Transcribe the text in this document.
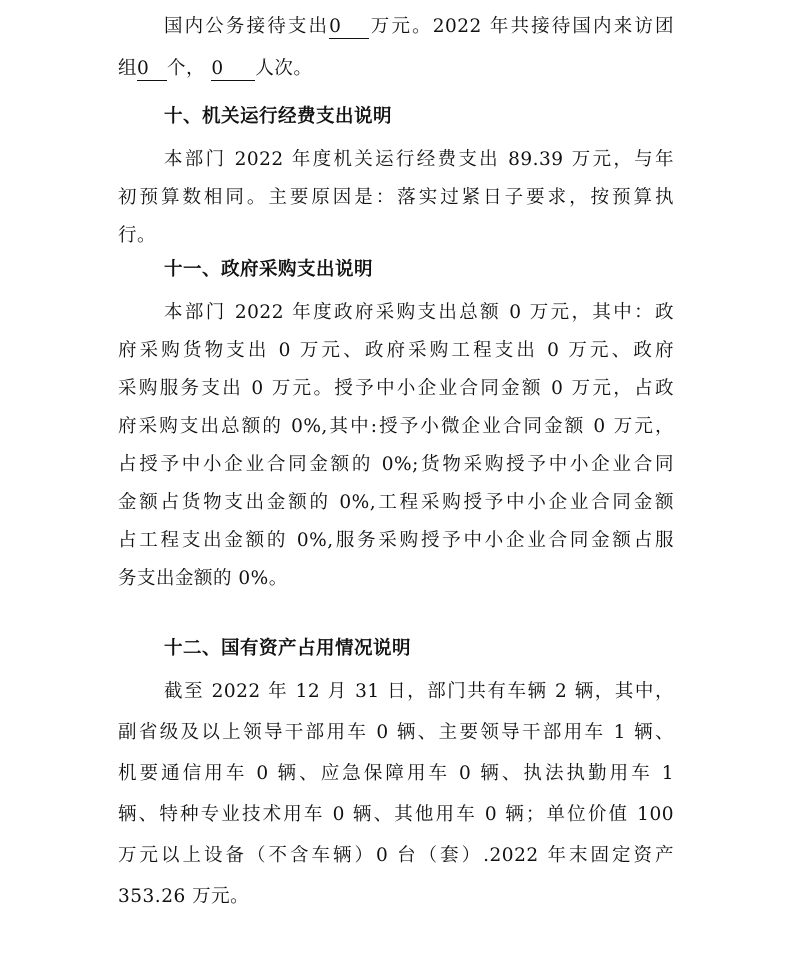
国内公务接待支出0 万元。2022 年共接待国内来访团
组0 个， 0 人次。
十、机关运行经费支出说明
本部门 2022 年度机关运行经费支出 89.39 万元，与年
初预算数相同。主要原因是：落实过紧日子要求，按预算执
行。
十一、政府采购支出说明
本部门 2022 年度政府采购支出总额 0 万元，其中：政
府采购货物支出 0 万元、政府采购工程支出 0 万元、政府
采购服务支出 0 万元。授予中小企业合同金额 0 万元，占政
府采购支出总额的 0%,其中:授予小微企业合同金额 0 万元，
占授予中小企业合同金额的 0%;货物采购授予中小企业合同
金额占货物支出金额的 0%,工程采购授予中小企业合同金额
占工程支出金额的 0%,服务采购授予中小企业合同金额占服
务支出金额的 0%。
十二、国有资产占用情况说明
截至 2022 年 12 月 31 日，部门共有车辆 2 辆，其中，
副省级及以上领导干部用车 0 辆、主要领导干部用车 1 辆、
机要通信用车 0 辆、应急保障用车 0 辆、执法执勤用车 1
辆、特种专业技术用车 0 辆、其他用车 0 辆；单位价值 100
万元以上设备（不含车辆）0 台（套）.2022 年末固定资产
353.26 万元。
